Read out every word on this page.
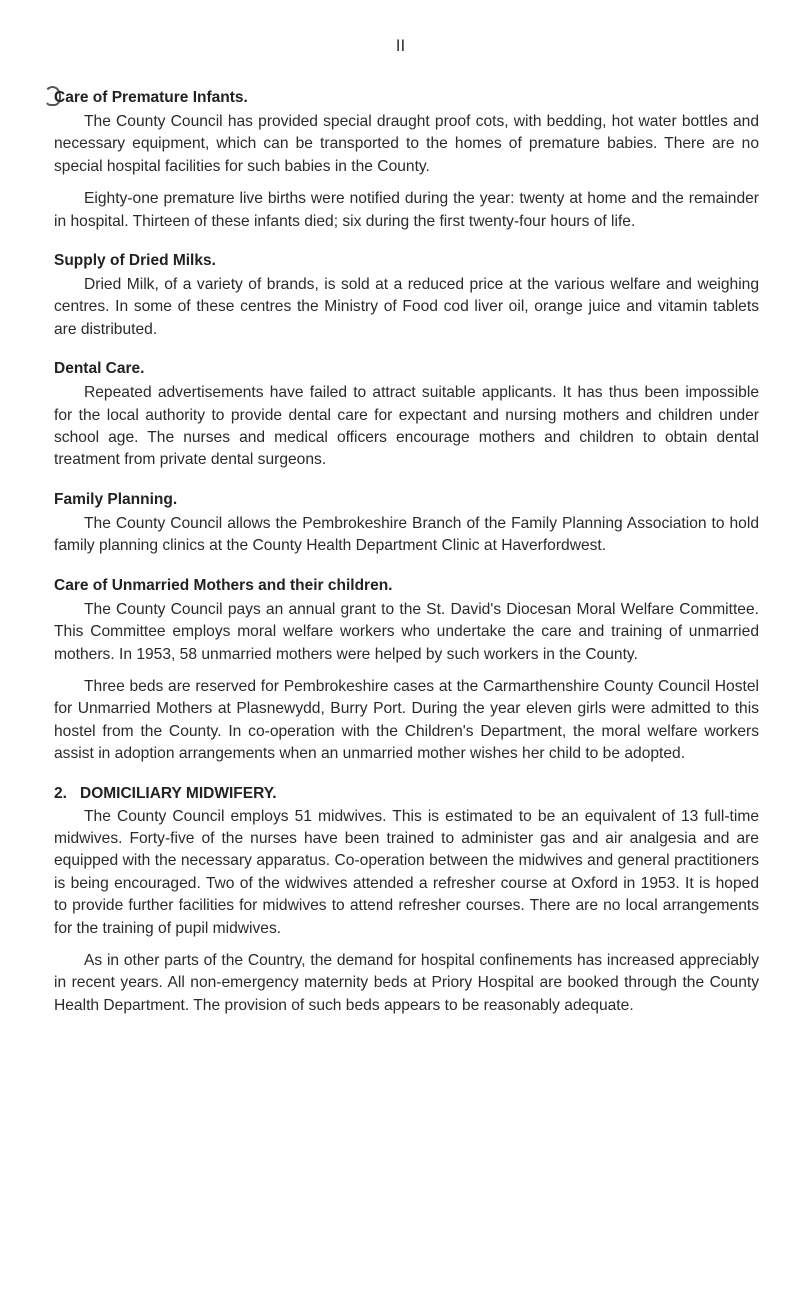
II
Care of Premature Infants.

The County Council has provided special draught proof cots, with bedding, hot water bottles and necessary equipment, which can be transported to the homes of premature babies. There are no special hospital facilities for such babies in the County.

Eighty-one premature live births were notified during the year: twenty at home and the remainder in hospital. Thirteen of these infants died; six during the first twenty-four hours of life.

Supply of Dried Milks.

Dried Milk, of a variety of brands, is sold at a reduced price at the various welfare and weighing centres. In some of these centres the Ministry of Food cod liver oil, orange juice and vitamin tablets are distributed.

Dental Care.

Repeated advertisements have failed to attract suitable applicants. It has thus been impossible for the local authority to provide dental care for expectant and nursing mothers and children under school age. The nurses and medical officers encourage mothers and children to obtain dental treatment from private dental surgeons.

Family Planning.

The County Council allows the Pembrokeshire Branch of the Family Planning Association to hold family planning clinics at the County Health Department Clinic at Haverfordwest.

Care of Unmarried Mothers and their children.

The County Council pays an annual grant to the St. David's Diocesan Moral Welfare Committee. This Committee employs moral welfare workers who undertake the care and training of unmarried mothers. In 1953, 58 unmarried mothers were helped by such workers in the County.

Three beds are reserved for Pembrokeshire cases at the Carmarthenshire County Council Hostel for Unmarried Mothers at Plasnewydd, Burry Port. During the year eleven girls were admitted to this hostel from the County. In co-operation with the Children's Department, the moral welfare workers assist in adoption arrangements when an unmarried mother wishes her child to be adopted.

2. DOMICILIARY MIDWIFERY.

The County Council employs 51 midwives. This is estimated to be an equivalent of 13 full-time midwives. Forty-five of the nurses have been trained to administer gas and air analgesia and are equipped with the necessary apparatus. Co-operation between the midwives and general practitioners is being encouraged. Two of the widwives attended a refresher course at Oxford in 1953. It is hoped to provide further facilities for midwives to attend refresher courses. There are no local arrangements for the training of pupil midwives.

As in other parts of the Country, the demand for hospital confinements has increased appreciably in recent years. All non-emergency maternity beds at Priory Hospital are booked through the County Health Department. The provision of such beds appears to be reasonably adequate.
